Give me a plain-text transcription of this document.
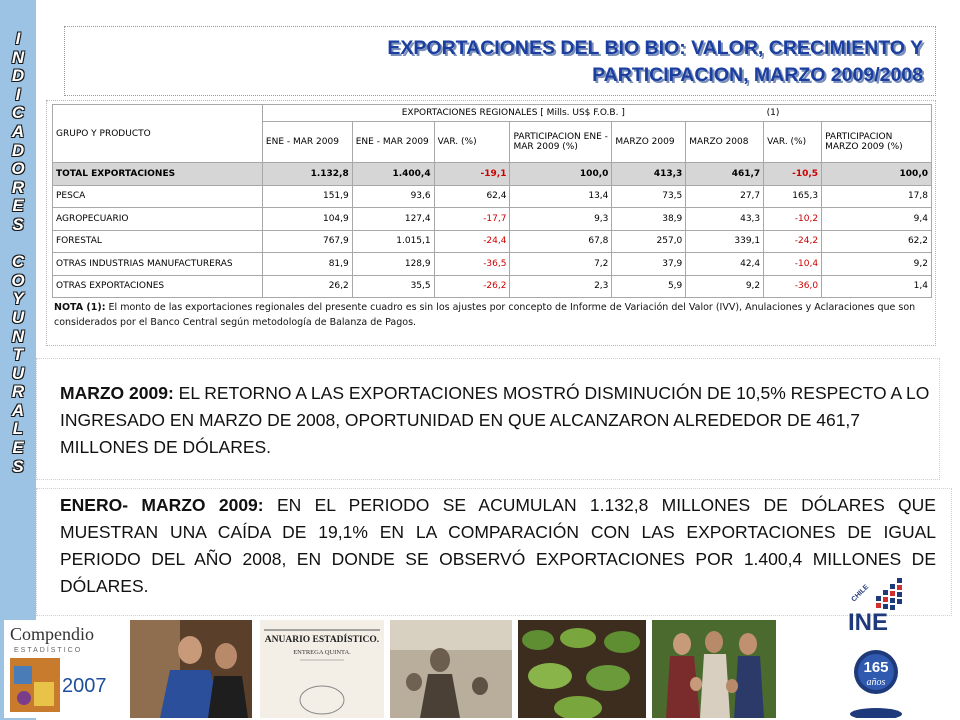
I
N
D
I
C
A
D
O
R
E
S
C
O
Y
U
N
T
U
R
A
L
E
S
EXPORTACIONES DEL BIO BIO: VALOR, CRECIMIENTO Y
PARTICIPACION, MARZO 2009/2008
GRUPO Y PRODUCTO	EXPORTACIONES REGIONALES [ Mills. US$ F.O.B. ]						(1)	
	ENE - MAR 2009	ENE - MAR 2009	VAR. (%)	PARTICIPACION ENE - MAR 2009 (%)	MARZO 2009	MARZO 2008	VAR. (%)	PARTICIPACION MARZO 2009 (%)
TOTAL EXPORTACIONES	1.132,8	1.400,4	-19,1	100,0	413,3	461,7	-10,5	100,0
PESCA	151,9	93,6	62,4	13,4	73,5	27,7	165,3	17,8
AGROPECUARIO	104,9	127,4	-17,7	9,3	38,9	43,3	-10,2	9,4
FORESTAL	767,9	1.015,1	-24,4	67,8	257,0	339,1	-24,2	62,2
OTRAS INDUSTRIAS MANUFACTURERAS	81,9	128,9	-36,5	7,2	37,9	42,4	-10,4	9,2
OTRAS EXPORTACIONES	26,2	35,5	-26,2	2,3	5,9	9,2	-36,0	1,4
NOTA (1): El monto de las exportaciones regionales del presente cuadro es sin los ajustes por concepto de Informe de Variación del Valor (IVV), Anulaciones y Aclaraciones que son considerados por el Banco Central según metodología de Balanza de Pagos.
MARZO 2009: EL RETORNO A LAS EXPORTACIONES MOSTRÓ DISMINUCIÓN DE 10,5% RESPECTO A LO INGRESADO EN MARZO DE 2008, OPORTUNIDAD EN QUE ALCANZARON ALREDEDOR DE 461,7 MILLONES DE DÓLARES.
ENERO- MARZO 2009: EN EL PERIODO SE ACUMULAN 1.132,8 MILLONES DE DÓLARES QUE MUESTRAN UNA CAÍDA DE 19,1% EN LA COMPARACIÓN CON LAS EXPORTACIONES DE IGUAL PERIODO DEL AÑO 2008, EN DONDE SE OBSERVÓ EXPORTACIONES POR 1.400,4 MILLONES DE DÓLARES.
Compendio
ESTADÍSTICO
2007
ANUARIO ESTADÍSTICO.
ENTREGA QUINTA.
CHILE
INE
165
años
